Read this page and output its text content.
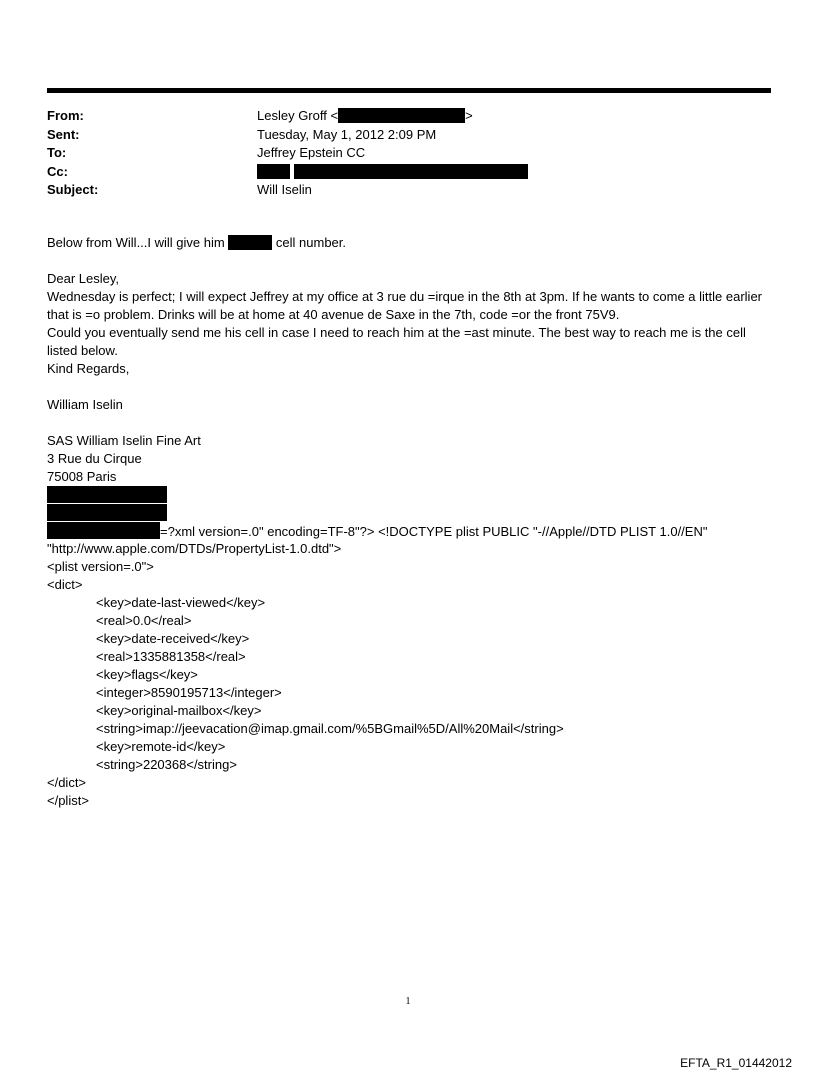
From:	Lesley Groff <	>
Sent:	Tuesday, May 1, 2012 2:09 PM
To:	Jeffrey Epstein CC
Cc:

Subject:	Will Iselin
Below from Will...I will give him	cell number.
Dear Lesley,
Wednesday is perfect; I will expect Jeffrey at my office at 3 rue du =irque in the 8th at 3pm. If he wants to come a little earlier that is =o problem. Drinks will be at home at 40 avenue de Saxe in the 7th, code =or the front 75V9.
Could you eventually send me his cell in case I need to reach him at the =ast minute. The best way to reach me is the cell listed below.
Kind Regards,
William Iselin
SAS William Iselin Fine Art
3 Rue du Cirque
75008 Paris
=?xml version=.0" encoding=TF-8"?> <!DOCTYPE plist PUBLIC "-//Apple//DTD PLIST 1.0//EN"
"http://www.apple.com/DTDs/PropertyList-1.0.dtd">
<plist version=.0">
<dict>
<key>date-last-viewed</key>
<real>0.0</real>
<key>date-received</key>
<real>1335881358</real>
<key>flags</key>
<integer>8590195713</integer>
<key>original-mailbox</key>
<string>imap://jeevacation@imap.gmail.com/%5BGmail%5D/All%20Mail</string>
<key>remote-id</key>
<string>220368</string>
</dict>
</plist>
1
EFTA_R1_01442012
